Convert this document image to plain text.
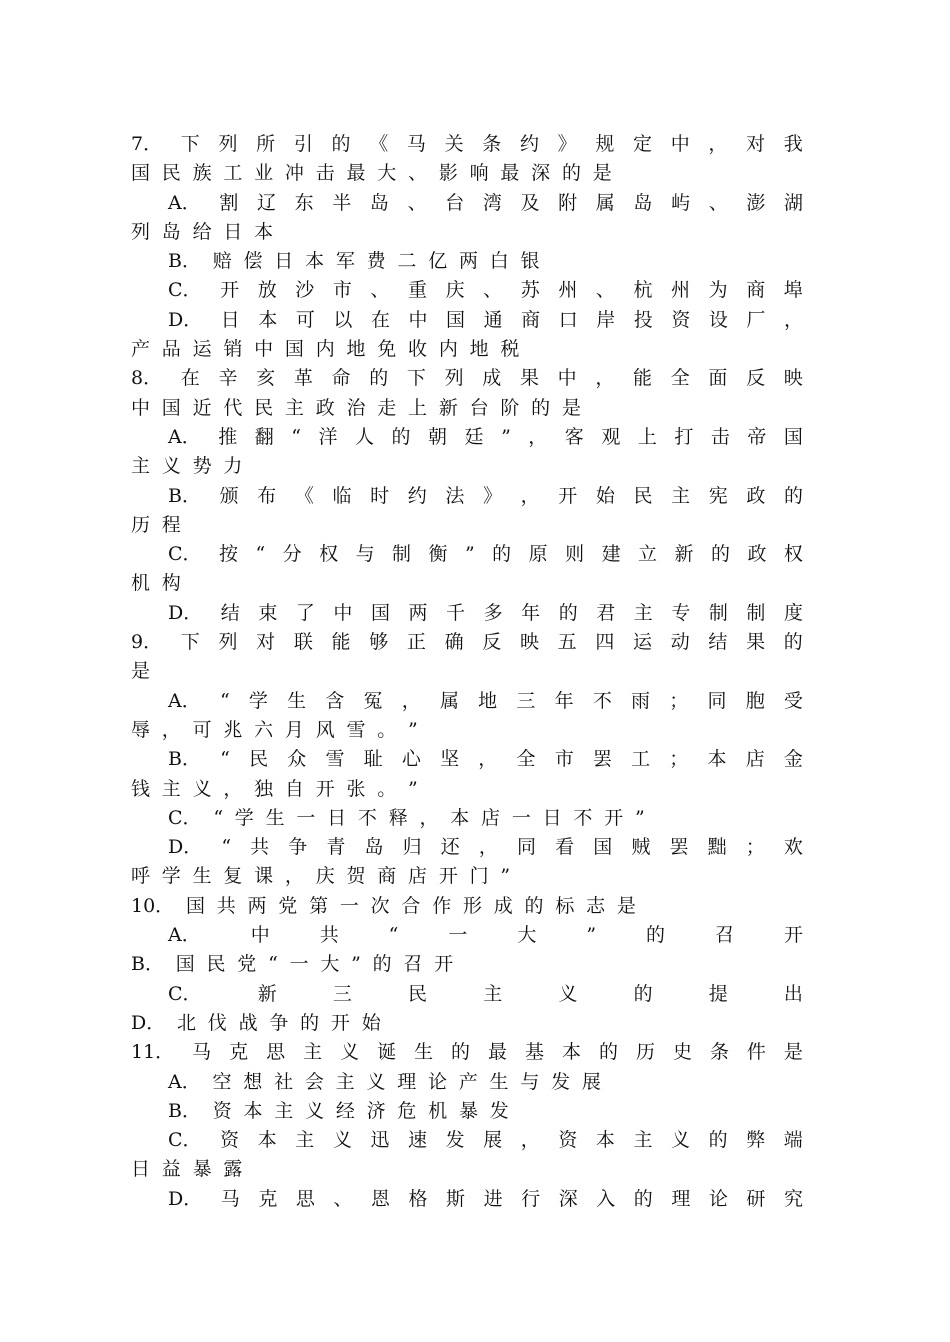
7． 下 列 所 引 的 《 马 关 条 约 》 规 定 中 ， 对 我
国 民 族 工 业 冲 击 最 大 、 影 响 最 深 的 是
A． 割 辽 东 半 岛 、 台 湾 及 附 属 岛 屿 、 澎 湖
列 岛 给 日 本
B． 赔 偿 日 本 军 费 二 亿 两 白 银
C． 开 放 沙 市 、 重 庆 、 苏 州 、 杭 州 为 商 埠
D． 日 本 可 以 在 中 国 通 商 口 岸 投 资 设 厂 ，
产 品 运 销 中 国 内 地 免 收 内 地 税
8． 在 辛 亥 革 命 的 下 列 成 果 中 ， 能 全 面 反 映
中 国 近 代 民 主 政 治 走 上 新 台 阶 的 是
A． 推 翻 “ 洋 人 的 朝 廷 ” ， 客 观 上 打 击 帝 国
主 义 势 力
B． 颁 布 《 临 时 约 法 》 ， 开 始 民 主 宪 政 的
历 程
C． 按 “ 分 权 与 制 衡 ” 的 原 则 建 立 新 的 政 权
机 构
D． 结 束 了 中 国 两 千 多 年 的 君 主 专 制 制 度
9． 下 列 对 联 能 够 正 确 反 映 五 四 运 动 结 果 的
是
A． “ 学 生 含 冤 ， 属 地 三 年 不 雨 ； 同 胞 受
辱 ， 可 兆 六 月 风 雪 。 ”
B． “ 民 众 雪 耻 心 坚 ， 全 市 罢 工 ； 本 店 金
钱 主 义 ， 独 自 开 张 。 ”
C． “ 学 生 一 日 不 释 ， 本 店 一 日 不 开 ”
D． “ 共 争 青 岛 归 还 ， 同 看 国 贼 罢 黜 ； 欢
呼 学 生 复 课 ， 庆 贺 商 店 开 门 ”
10． 国 共 两 党 第 一 次 合 作 形 成 的 标 志 是
A．	中	共	“	一	大	”	的	召	开
B． 国 民 党 “ 一 大 ” 的 召 开
C．	新	三	民	主	义	的	提	出
D． 北 伐 战 争 的 开 始
11． 马 克 思 主 义 诞 生 的 最 基 本 的 历 史 条 件 是
A． 空 想 社 会 主 义 理 论 产 生 与 发 展
B． 资 本 主 义 经 济 危 机 暴 发
C． 资 本 主 义 迅 速 发 展 ， 资 本 主 义 的 弊 端
日 益 暴 露
D． 马 克 思 、 恩 格 斯 进 行 深 入 的 理 论 研 究
